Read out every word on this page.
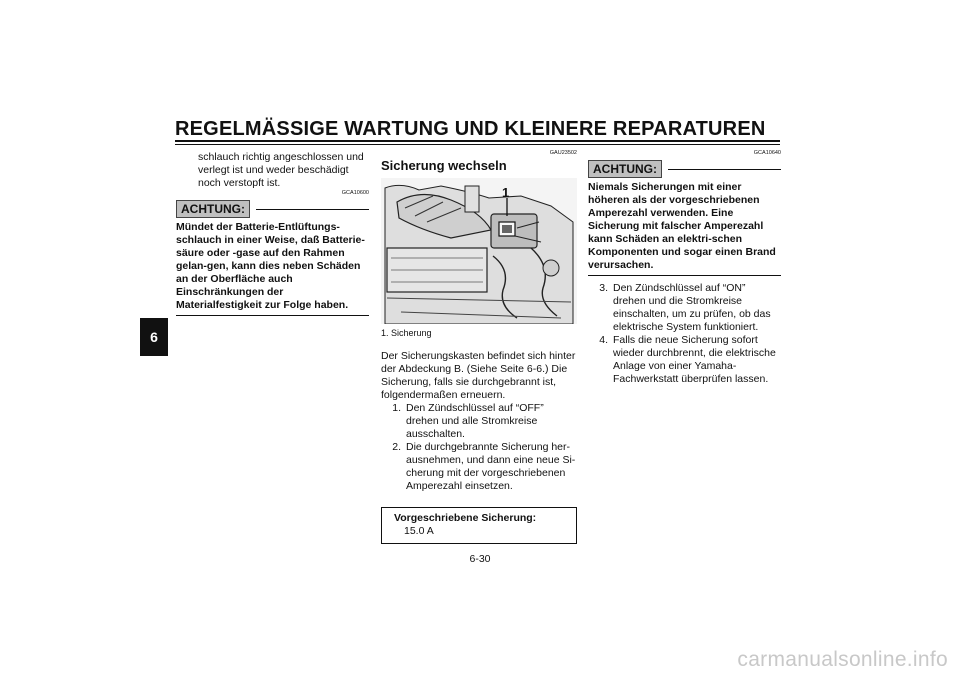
REGELMÄSSIGE WARTUNG UND KLEINERE REPARATUREN
6
schlauch richtig angeschlossen und verlegt ist und weder beschädigt noch verstopft ist.
GCA10600
ACHTUNG:
Mündet der Batterie-Entlüftungs-schlauch in einer Weise, daß Batterie-säure oder -gase auf den Rahmen gelan-gen, kann dies neben Schäden an der Oberfläche auch Einschränkungen der Materialfestigkeit zur Folge haben.
GAU23502
Sicherung wechseln
1
1. Sicherung
Der Sicherungskasten befindet sich hinter der Abdeckung B. (Siehe Seite 6-6.) Die Sicherung, falls sie durchgebrannt ist, folgendermaßen erneuern.
1. Den Zündschlüssel auf “OFF” drehen und alle Stromkreise ausschalten.
2. Die durchgebrannte Sicherung her-ausnehmen, und dann eine neue Si-cherung mit der vorgeschriebenen Amperezahl einsetzen.
Vorgeschriebene Sicherung:
15.0 A
GCA10640
ACHTUNG:
Niemals Sicherungen mit einer höheren als der vorgeschriebenen Amperezahl verwenden. Eine Sicherung mit falscher Amperezahl kann Schäden an elektri-schen Komponenten und sogar einen Brand verursachen.
3. Den Zündschlüssel auf “ON” drehen und die Stromkreise einschalten, um zu prüfen, ob das elektrische System funktioniert.
4. Falls die neue Sicherung sofort wieder durchbrennt, die elektrische Anlage von einer Yamaha-Fachwerkstatt überprüfen lassen.
6-30
carmanualsonline.info
